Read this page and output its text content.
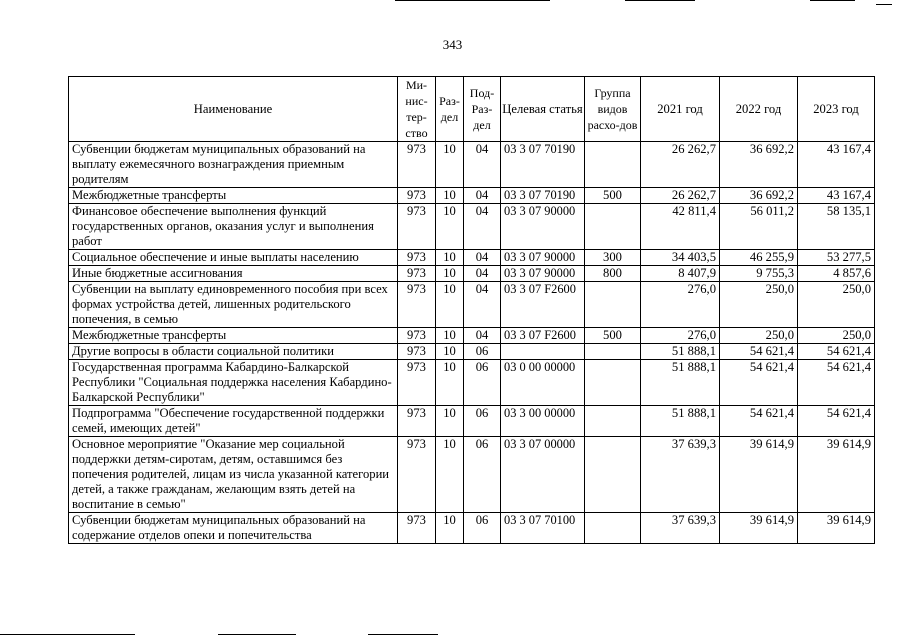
343
Наименование	Ми-нис-тер-ство	Раз-дел	Под-Раз-дел	Целевая статья	Группа видов расхо-дов	2021 год	2022 год	2023 год
Субвенции бюджетам муниципальных образований на выплату ежемесячного вознаграждения приемным родителям	973	10	04	03 3 07 70190		26 262,7	36 692,2	43 167,4
Межбюджетные трансферты	973	10	04	03 3 07 70190	500	26 262,7	36 692,2	43 167,4
Финансовое обеспечение выполнения функций государственных органов, оказания услуг и выполнения работ	973	10	04	03 3 07 90000		42 811,4	56 011,2	58 135,1
Социальное обеспечение и иные выплаты населению	973	10	04	03 3 07 90000	300	34 403,5	46 255,9	53 277,5
Иные бюджетные ассигнования	973	10	04	03 3 07 90000	800	8 407,9	9 755,3	4 857,6
Субвенции на выплату единовременного пособия при всех формах устройства детей, лишенных родительского попечения, в семью	973	10	04	03 3 07 F2600		276,0	250,0	250,0
Межбюджетные трансферты	973	10	04	03 3 07 F2600	500	276,0	250,0	250,0
Другие вопросы в области социальной политики	973	10	06			51 888,1	54 621,4	54 621,4
Государственная программа Кабардино-Балкарской Республики "Социальная поддержка населения Кабардино-Балкарской Республики"	973	10	06	03 0 00 00000		51 888,1	54 621,4	54 621,4
Подпрограмма "Обеспечение государственной поддержки семей, имеющих детей"	973	10	06	03 3 00 00000		51 888,1	54 621,4	54 621,4
Основное мероприятие "Оказание мер социальной поддержки детям-сиротам, детям, оставшимся без попечения родителей, лицам из числа указанной категории детей, а также гражданам, желающим взять детей на воспитание в семью"	973	10	06	03 3 07 00000		37 639,3	39 614,9	39 614,9
Субвенции бюджетам муниципальных образований на содержание отделов опеки и попечительства	973	10	06	03 3 07 70100		37 639,3	39 614,9	39 614,9
